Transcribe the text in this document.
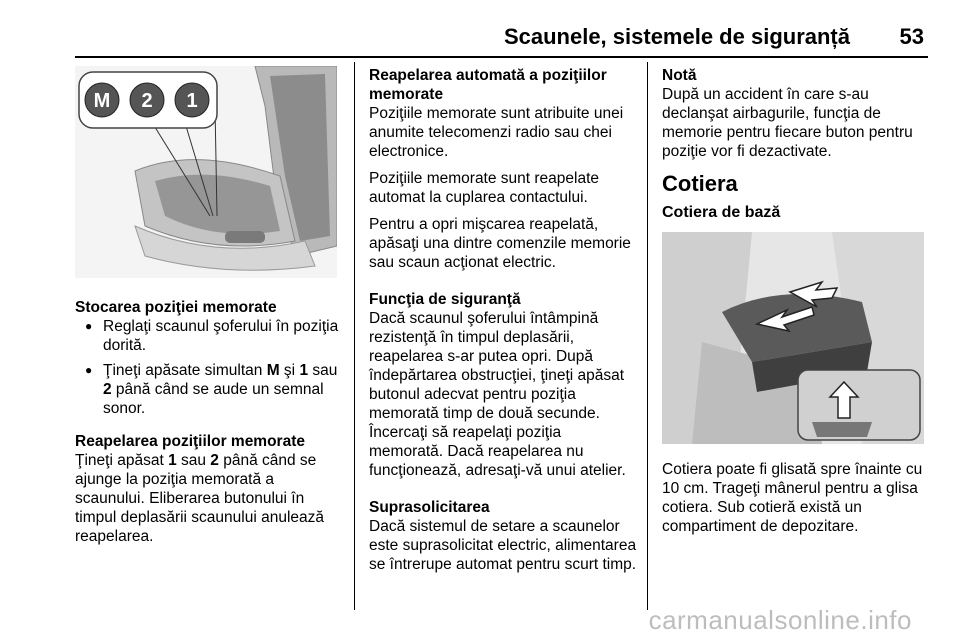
Scaunele, sistemele de siguranță 53
M 2 1

Stocarea poziţiei memorate

● Reglaţi scaunul şoferului în poziţia dorită.
● Ţineţi apăsate simultan M şi 1 sau 2 până când se aude un semnal sonor.

Reapelarea poziţiilor memorate

Ţineţi apăsat 1 sau 2 până când se ajunge la poziţia memorată a scaunului. Eliberarea butonului în timpul deplasării scaunului anulează reapelarea.

Reapelarea automată a poziţiilor memorate

Poziţiile memorate sunt atribuite unei anumite telecomenzi radio sau chei electronice.

Poziţiile memorate sunt reapelate automat la cuplarea contactului.

Pentru a opri mişcarea reapelată, apăsaţi una dintre comenzile memorie sau scaun acţionat electric.

Funcţia de siguranţă

Dacă scaunul şoferului întâmpină rezistenţă în timpul deplasării, reapelarea s-ar putea opri. După îndepărtarea obstrucţiei, ţineţi apăsat butonul adecvat pentru poziţia memorată timp de două secunde. Încercaţi să reapelaţi poziţia memorată. Dacă reapelarea nu funcţionează, adresaţi-vă unui atelier.

Suprasolicitarea

Dacă sistemul de setare a scaunelor este suprasolicitat electric, alimentarea se întrerupe automat pentru scurt timp.

Notă

După un accident în care s-au declanşat airbagurile, funcţia de memorie pentru fiecare buton pentru poziţie vor fi dezactivate.

Cotiera
Cotiera de bază

Cotiera poate fi glisată spre înainte cu 10 cm. Trageţi mânerul pentru a glisa cotiera. Sub cotieră există un compartiment de depozitare.

carmanualsonline.info
